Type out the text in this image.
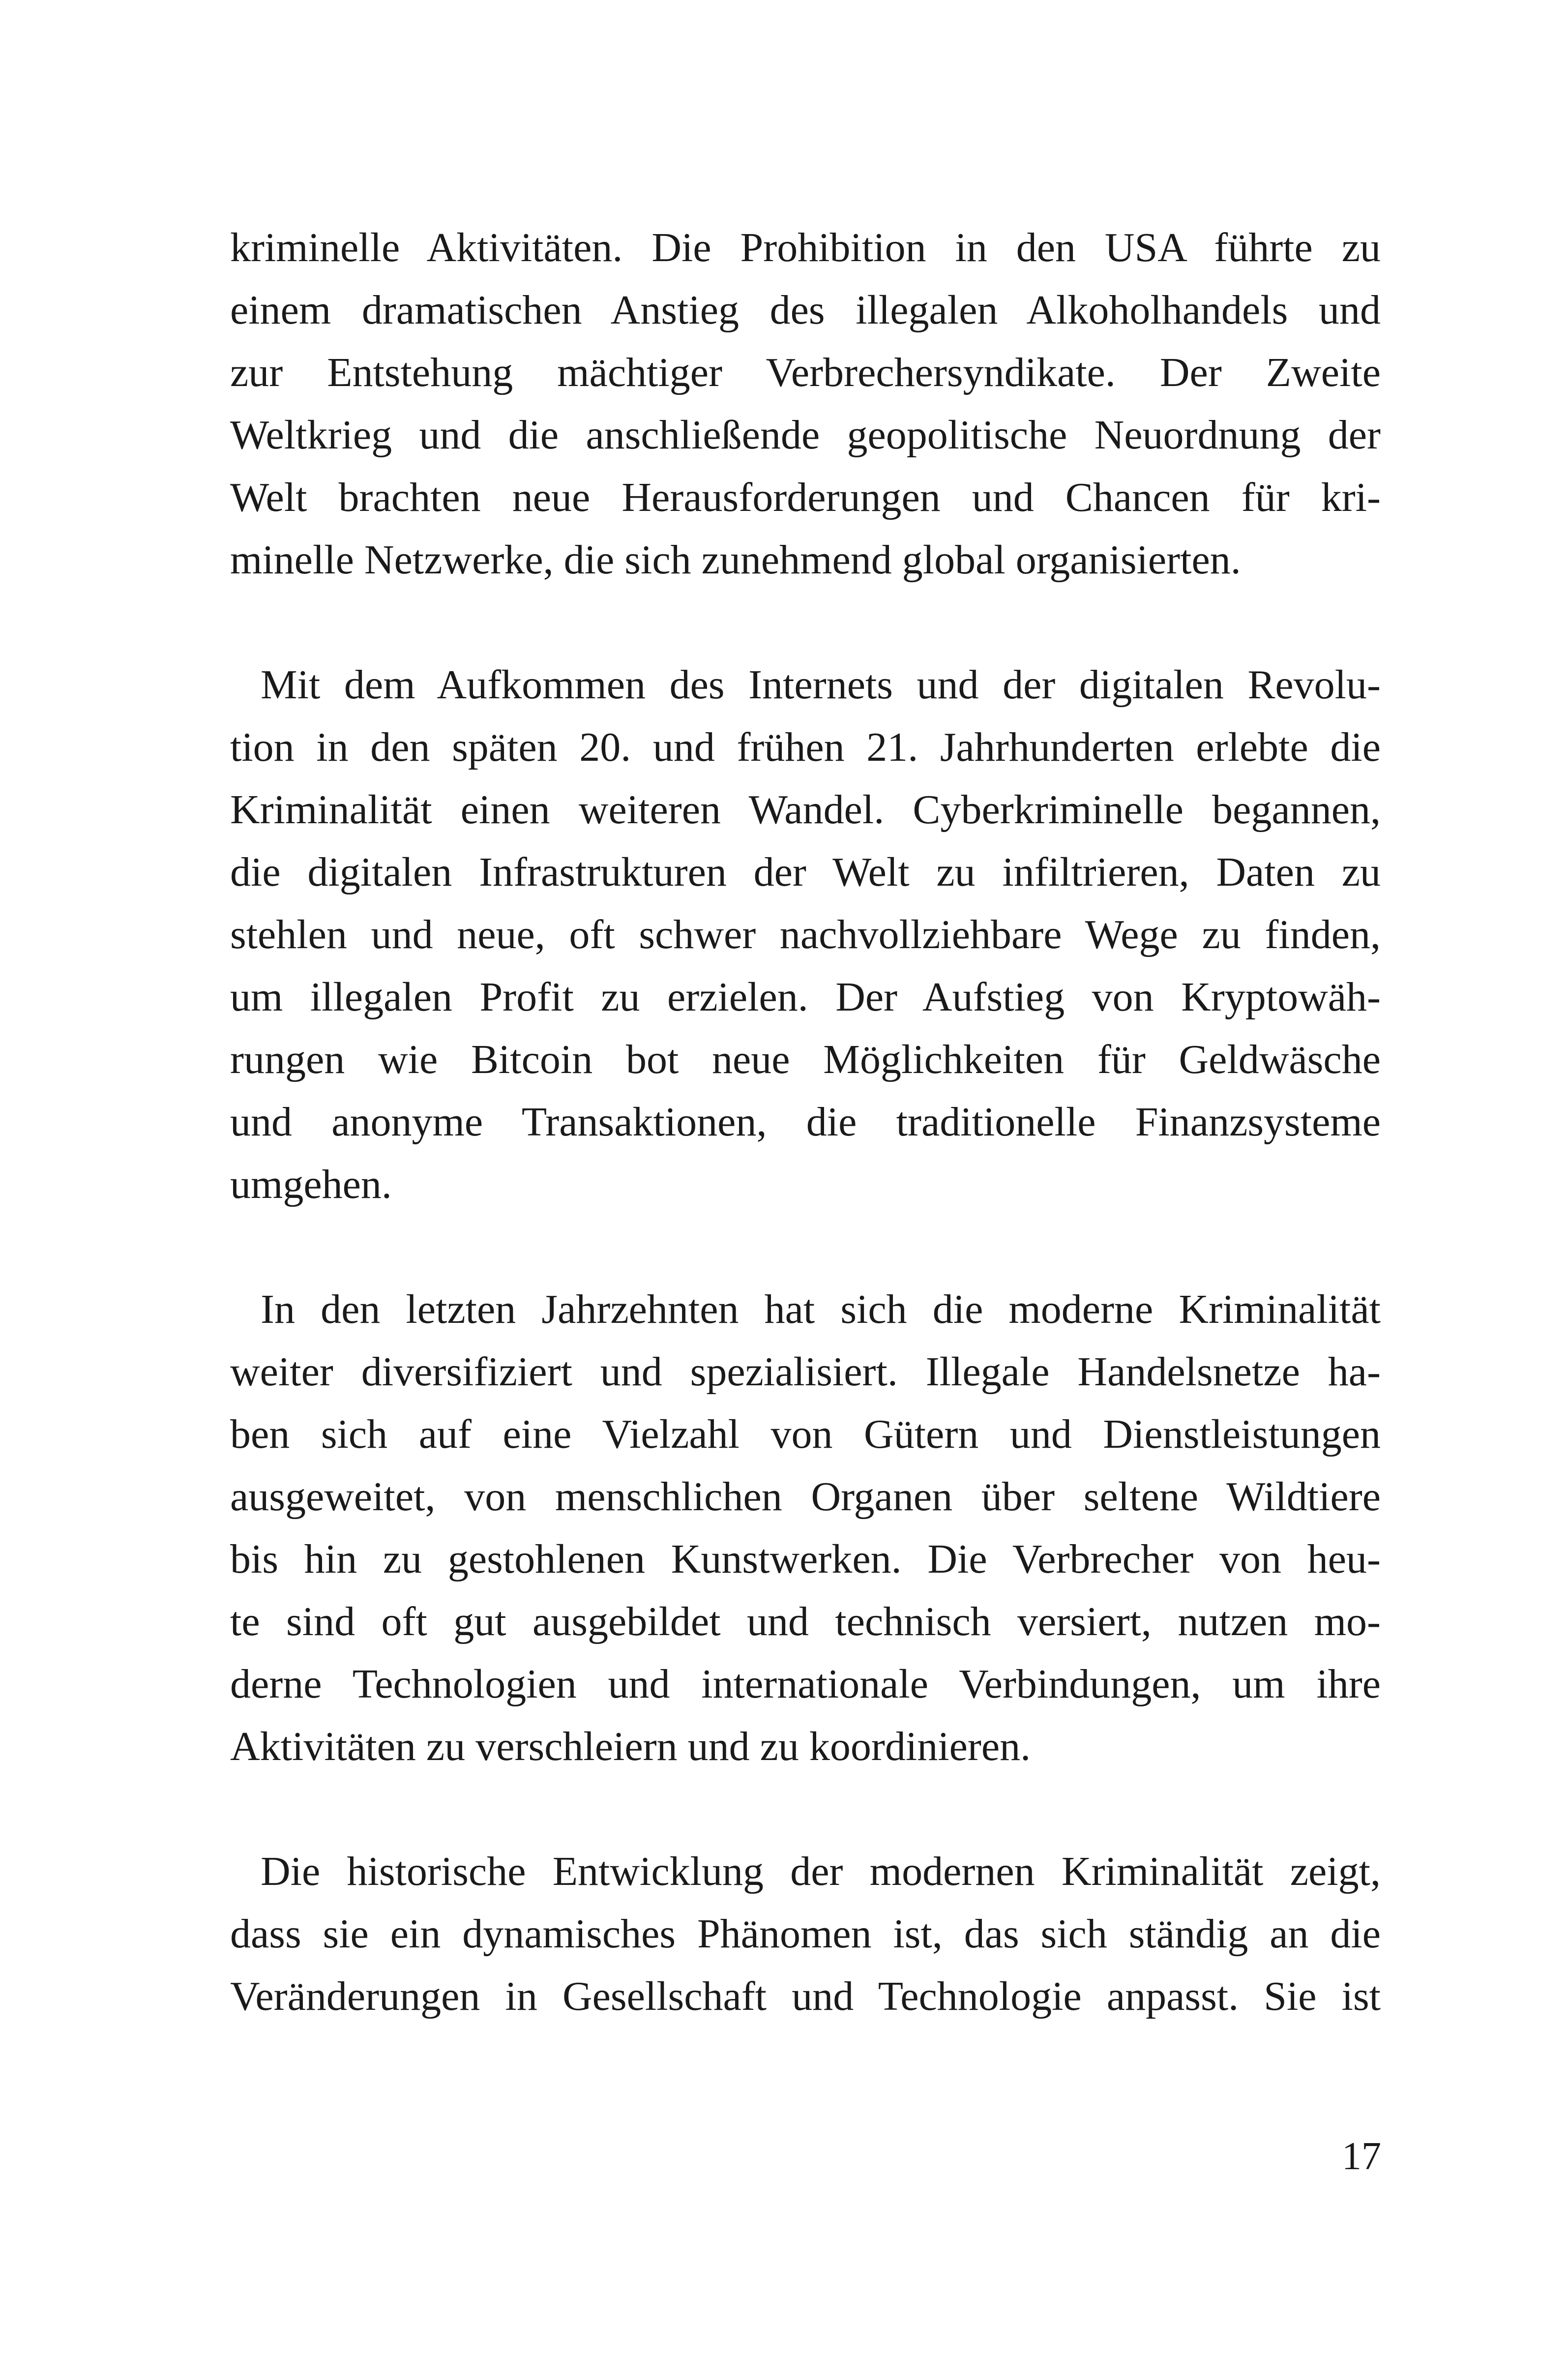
kriminelle Aktivitäten. Die Prohibition in den USA führte zu
einem dramatischen Anstieg des illegalen Alkoholhandels und
zur Entstehung mächtiger Verbrechersyndikate. Der Zweite
Weltkrieg und die anschließende geopolitische Neuordnung der
Welt brachten neue Herausforderungen und Chancen für kri-
minelle Netzwerke, die sich zunehmend global organisierten.
Mit dem Aufkommen des Internets und der digitalen Revolu-
tion in den späten 20. und frühen 21. Jahrhunderten erlebte die
Kriminalität einen weiteren Wandel. Cyberkriminelle begannen,
die digitalen Infrastrukturen der Welt zu infiltrieren, Daten zu
stehlen und neue, oft schwer nachvollziehbare Wege zu finden,
um illegalen Profit zu erzielen. Der Aufstieg von Kryptowäh-
rungen wie Bitcoin bot neue Möglichkeiten für Geldwäsche
und anonyme Transaktionen, die traditionelle Finanzsysteme
umgehen.
In den letzten Jahrzehnten hat sich die moderne Kriminalität
weiter diversifiziert und spezialisiert. Illegale Handelsnetze ha-
ben sich auf eine Vielzahl von Gütern und Dienstleistungen
ausgeweitet, von menschlichen Organen über seltene Wildtiere
bis hin zu gestohlenen Kunstwerken. Die Verbrecher von heu-
te sind oft gut ausgebildet und technisch versiert, nutzen mo-
derne Technologien und internationale Verbindungen, um ihre
Aktivitäten zu verschleiern und zu koordinieren.
Die historische Entwicklung der modernen Kriminalität zeigt,
dass sie ein dynamisches Phänomen ist, das sich ständig an die
Veränderungen in Gesellschaft und Technologie anpasst. Sie ist
17
